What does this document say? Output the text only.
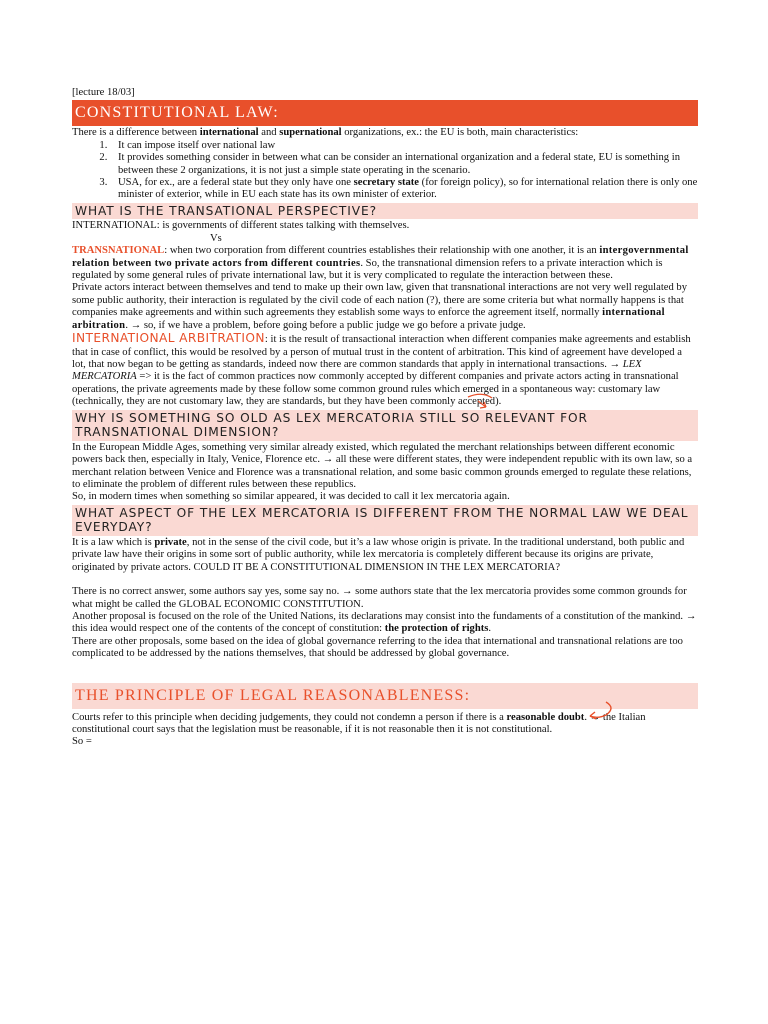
[lecture 18/03]

CONSTITUTIONAL LAW:

There is a difference between international and supernational organizations, ex.: the EU is both, main characteristics:

1. It can impose itself over national law
2. It provides something consider in between what can be consider an international organization and a federal state, EU is something in between these 2 organizations, it is not just a simple state operating in the scenario.
3. USA, for ex., are a federal state but they only have one secretary state (for foreign policy), so for international relation there is only one minister of exterior, while in EU each state has its own minister of exterior.
WHAT IS THE TRANSATIONAL PERSPECTIVE?

INTERNATIONAL: is governments of different states talking with themselves.

Vs

TRANSNATIONAL: when two corporation from different countries establishes their relationship with one another, it is an intergovernmental relation between two private actors from different countries. So, the transnational dimension refers to a private interaction which is regulated by some general rules of private international law, but it is very complicated to regulate the interaction between these.

Private actors interact between themselves and tend to make up their own law, given that transnational interactions are not very well regulated by some public authority, their interaction is regulated by the civil code of each nation (?), there are some criteria but what normally happens is that companies make agreements and within such agreements they establish some ways to enforce the agreement itself, normally international arbitration. → so, if we have a problem, before going before a public judge we go before a private judge.

INTERNATIONAL ARBITRATION: it is the result of transactional interaction when different companies make agreements and establish that in case of conflict, this would be resolved by a person of mutual trust in the content of arbitration. This kind of agreement have developed a lot, that now began to be getting as standards, indeed now there are common standards that apply in international transactions. → LEX MERCATORIA => it is the fact of common practices now commonly accepted by different companies and private actors acting in transnational operations, the private agreements made by these follow some common ground rules which emerged in a spontaneous way: customary law (technically, they are not customary law, they are standards, but they have been commonly accepted).

WHY IS SOMETHING SO OLD AS LEX MERCATORIA STILL SO RELEVANT FOR TRANSNATIONAL DIMENSION?

In the European Middle Ages, something very similar already existed, which regulated the merchant relationships between different economic powers back then, especially in Italy, Venice, Florence etc. → all these were different states, they were independent republic with its own law, so a merchant relation between Venice and Florence was a transnational relation, and some basic common grounds emerged to regulate these relations, to eliminate the problem of different rules between these republics.

So, in modern times when something so similar appeared, it was decided to call it lex mercatoria again.

WHAT ASPECT OF THE LEX MERCATORIA IS DIFFERENT FROM THE NORMAL LAW WE DEAL EVERYDAY?

It is a law which is private, not in the sense of the civil code, but it’s a law whose origin is private. In the traditional understand, both public and private law have their origins in some sort of public authority, while lex mercatoria is completely different because its origins are private, originated by private actors. COULD IT BE A CONSTITUTIONAL DIMENSION IN THE LEX MERCATORIA?

There is no correct answer, some authors say yes, some say no. → some authors state that the lex mercatoria provides some common grounds for what might be called the GLOBAL ECONOMIC CONSTITUTION.

Another proposal is focused on the role of the United Nations, its declarations may consist into the fundaments of a constitution of the mankind. → this idea would respect one of the contents of the concept of constitution: the protection of rights.

There are other proposals, some based on the idea of global governance referring to the idea that international and transnational relations are too complicated to be addressed by the nations themselves, that should be addressed by global governance.

THE PRINCIPLE OF LEGAL REASONABLENESS:

Courts refer to this principle when deciding judgements, they could not condemn a person if there is a reasonable doubt. → the Italian constitutional court says that the legislation must be reasonable, if it is not reasonable then it is not constitutional.

So =
